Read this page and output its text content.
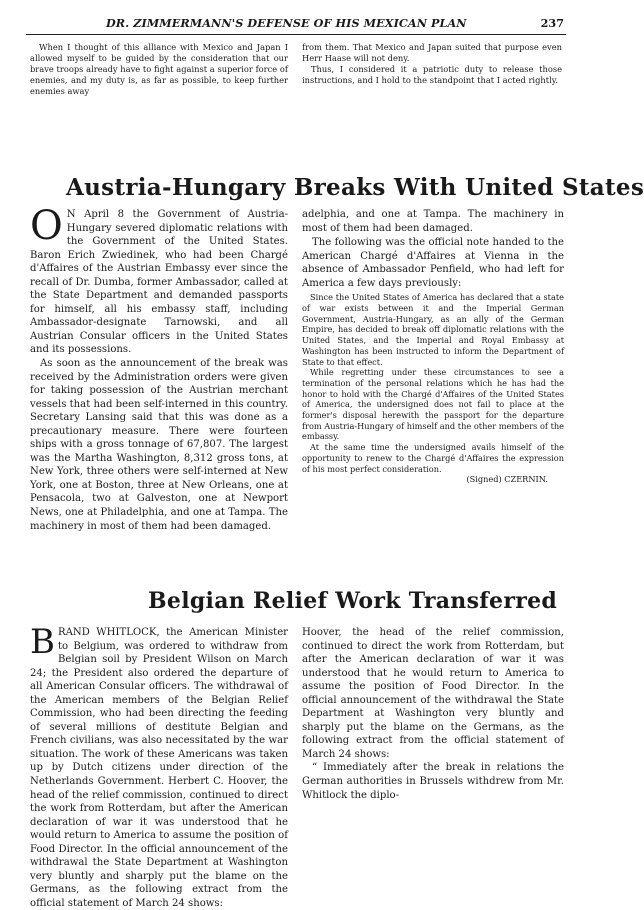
DR. ZIMMERMANN'S DEFENSE OF HIS MEXICAN PLAN	237

When I thought of this alliance with Mexico and Japan I allowed myself to be guided by the consideration that our brave troops already have to fight against a superior force of enemies, and my duty is, as far as possible, to keep further enemies away

from them. That Mexico and Japan suited that purpose even Herr Haase will not deny.

Thus, I considered it a patriotic duty to release those instructions, and I hold to the standpoint that I acted rightly.

Austria-Hungary Breaks With United States

O N April 8 the Government of Austria-Hungary severed diplomatic relations with the Government of the United States. Baron Erich Zwiedinek, who had been Chargé d'Affaires of the Austrian Embassy ever since the recall of Dr. Dumba, former Ambassador, called at the State Department and demanded passports for himself, all his embassy staff, including Ambassador-designate Tarnowski, and all Austrian Consular officers in the United States and its possessions.

As soon as the announcement of the break was received by the Administration orders were given for taking possession of the Austrian merchant vessels that had been self-interned in this country. Secretary Lansing said that this was done as a precautionary measure. There were fourteen ships with a gross tonnage of 67,807. The largest was the Martha Washington, 8,312 gross tons, at New York, three others were self-interned at New York, one at Boston, three at New Orleans, one at Pensacola, two at Galveston, one at Newport News, one at Philadelphia, and one at Tampa. The machinery in most of them had been damaged.

adelphia, and one at Tampa. The machinery in most of them had been damaged.

The following was the official note handed to the American Chargé d'Affaires at Vienna in the absence of Ambassador Penfield, who had left for America a few days previously:

Since the United States of America has declared that a state of war exists between it and the Imperial German Government, Austria-Hungary, as an ally of the German Empire, has decided to break off diplomatic relations with the United States, and the Imperial and Royal Embassy at Washington has been instructed to inform the Department of State to that effect.

While regretting under these circumstances to see a termination of the personal relations which he has had the honor to hold with the Chargé d'Affaires of the United States of America, the undersigned does not fail to place at the former's disposal herewith the passport for the departure from Austria-Hungary of himself and the other members of the embassy.

At the same time the undersigned avails himself of the opportunity to renew to the Chargé d'Affaires the expression of his most perfect consideration.

(Signed) CZERNIN.
Belgian Relief Work Transferred

BRAND WHITLOCK, the American Minister to Belgium, was ordered to withdraw from Belgian soil by President Wilson on March 24; the President also ordered the departure of all American Consular officers. The withdrawal of the American members of the Belgian Relief Commission, who had been directing the feeding of several millions of destitute Belgian and French civilians, was also necessitated by the war situation. The work of these Americans was taken up by Dutch citizens under direction of the Netherlands Government. Herbert C. Hoover, the head of the relief commission, continued to direct the work from Rotterdam, but after the American declaration of war it was understood that he would return to America to assume the position of Food Director. In the official announcement of the withdrawal the State Department at Washington very bluntly and sharply put the blame on the Germans, as the following extract from the official statement of March 24 shows:

Hoover, the head of the relief commission, continued to direct the work from Rotterdam, but after the American declaration of war it was understood that he would return to America to assume the position of Food Director. In the official announcement of the withdrawal the State Department at Washington very bluntly and sharply put the blame on the Germans, as the following extract from the official statement of March 24 shows:

“ Immediately after the break in relations the German authorities in Brussels withdrew from Mr. Whitlock the diplo-
